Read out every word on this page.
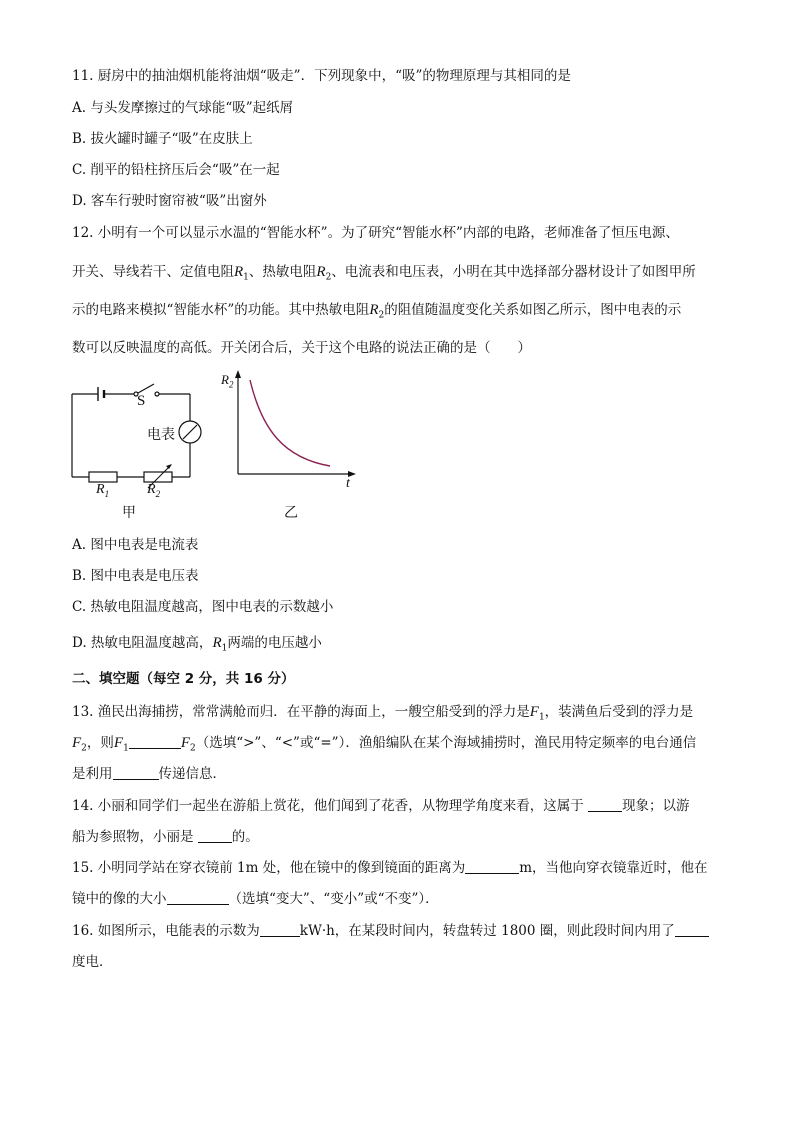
11. 厨房中的抽油烟机能将油烟“吸走”．下列现象中，“吸”的物理原理与其相同的是
A. 与头发摩擦过的气球能“吸”起纸屑
B. 拔火罐时罐子“吸”在皮肤上
C. 削平的铅柱挤压后会“吸”在一起
D. 客车行驶时窗帘被“吸”出窗外
12. 小明有一个可以显示水温的“智能水杯”。为了研究“智能水杯”内部的电路，老师准备了恒压电源、
开关、导线若干、定值电阻$R_1$、热敏电阻$R_2$、电流表和电压表，小明在其中选择部分器材设计了如图甲所
示的电路来模拟“智能水杯”的功能。其中热敏电阻$R_2$的阻值随温度变化关系如图乙所示，图中电表的示
数可以反映温度的高低。开关闭合后，关于这个电路的说法正确的是（　　）
S
电表
$R_1$	$R_2$
甲
$R_2$
t
乙
A. 图中电表是电流表
B. 图中电表是电压表
C. 热敏电阻温度越高，图中电表的示数越小
D. 热敏电阻温度越高，$R_1$两端的电压越小
二、填空题（每空 2 分，共 16 分）
13. 渔民出海捕捞，常常满舱而归．在平静的海面上，一艘空船受到的浮力是$F_1$，装满鱼后受到的浮力是
$F_2$，则$F_1$	$F_2$（选填“>”、“<”或“=”）．渔船编队在某个海域捕捞时，渔民用特定频率的电台通信
是利用	传递信息．
14. 小丽和同学们一起坐在游船上赏花，他们闻到了花香，从物理学角度来看，这属于	现象；以游
船为参照物，小丽是	的。
15. 小明同学站在穿衣镜前 1m 处，他在镜中的像到镜面的距离为	m，当他向穿衣镜靠近时，他在
镜中的像的大小	（选填“变大”、“变小”或“不变”）．
16. 如图所示，电能表的示数为	kW·h，在某段时间内，转盘转过 1800 圈，则此段时间内用了
度电．
